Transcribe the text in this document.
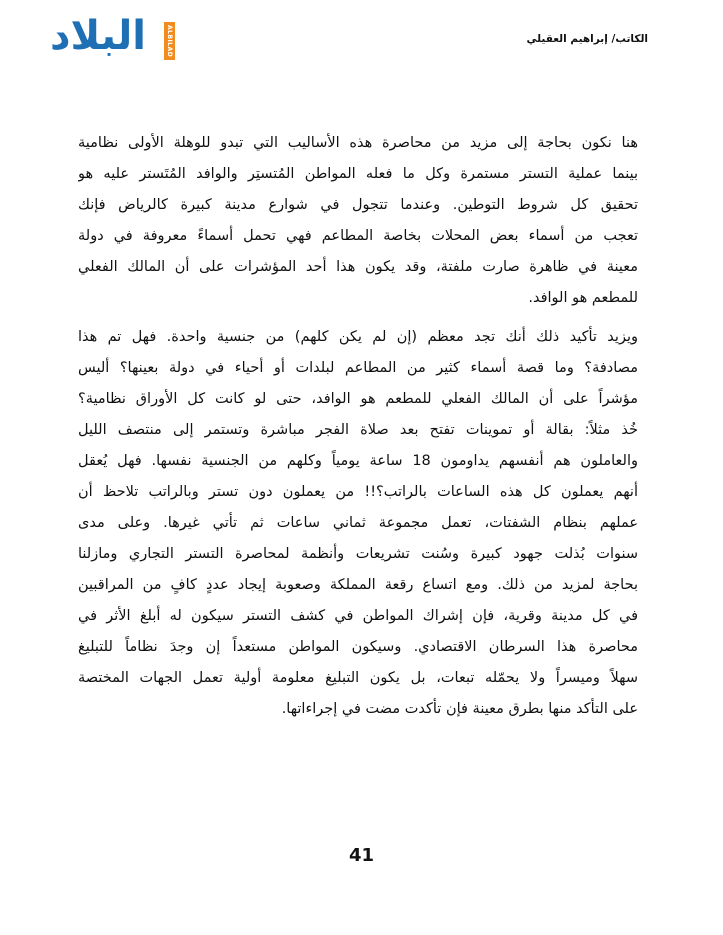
البلاد	ALBILAD	الكاتب/ إبراهيم العقيلي
هنا نكون بحاجة إلى مزيد من محاصرة هذه الأساليب التي تبدو للوهلة الأولى نظامية
بينما عملية التستر مستمرة وكل ما فعله المواطن المُتستِر والوافد المُتَستر عليه هو
تحقيق كل شروط التوطين. وعندما تتجول في شوارع مدينة كبيرة كالرياض فإنك
تعجب من أسماء بعض المحلات بخاصة المطاعم فهي تحمل أسماءً معروفة في دولة
معينة في ظاهرة صارت ملفتة، وقد يكون هذا أحد المؤشرات على أن المالك الفعلي
للمطعم هو الوافد.
ويزيد تأكيد ذلك أنك تجد معظم (إن لم يكن كلهم) من جنسية واحدة. فهل تم هذا
مصادفة؟ وما قصة أسماء كثير من المطاعم لبلدات أو أحياء في دولة بعينها؟ أليس
مؤشراً على أن المالك الفعلي للمطعم هو الوافد، حتى لو كانت كل الأوراق نظامية؟
خُذ مثلاً: بقالة أو تموينات تفتح بعد صلاة الفجر مباشرة وتستمر إلى منتصف الليل
والعاملون هم أنفسهم يداومون 18 ساعة يومياً وكلهم من الجنسية نفسها. فهل يُعقل
أنهم يعملون كل هذه الساعات بالراتب؟!! من يعملون دون تستر وبالراتب تلاحظ أن
عملهم بنظام الشفتات، تعمل مجموعة ثماني ساعات ثم تأتي غيرها. وعلى مدى
سنوات بُذلت جهود كبيرة وسُنت تشريعات وأنظمة لمحاصرة التستر التجاري ومازلنا
بحاجة لمزيد من ذلك. ومع اتساع رقعة المملكة وصعوبة إيجاد عددٍ كافٍ من المراقبين
في كل مدينة وقرية، فإن إشراك المواطن في كشف التستر سيكون له أبلغ الأثر في
محاصرة هذا السرطان الاقتصادي. وسيكون المواطن مستعداً إن وجدَ نظاماً للتبليغ
سهلاً وميسراً ولا يحمّله تبعات، بل يكون التبليغ معلومة أولية تعمل الجهات المختصة
على التأكد منها بطرق معينة فإن تأكدت مضت في إجراءاتها.
41
